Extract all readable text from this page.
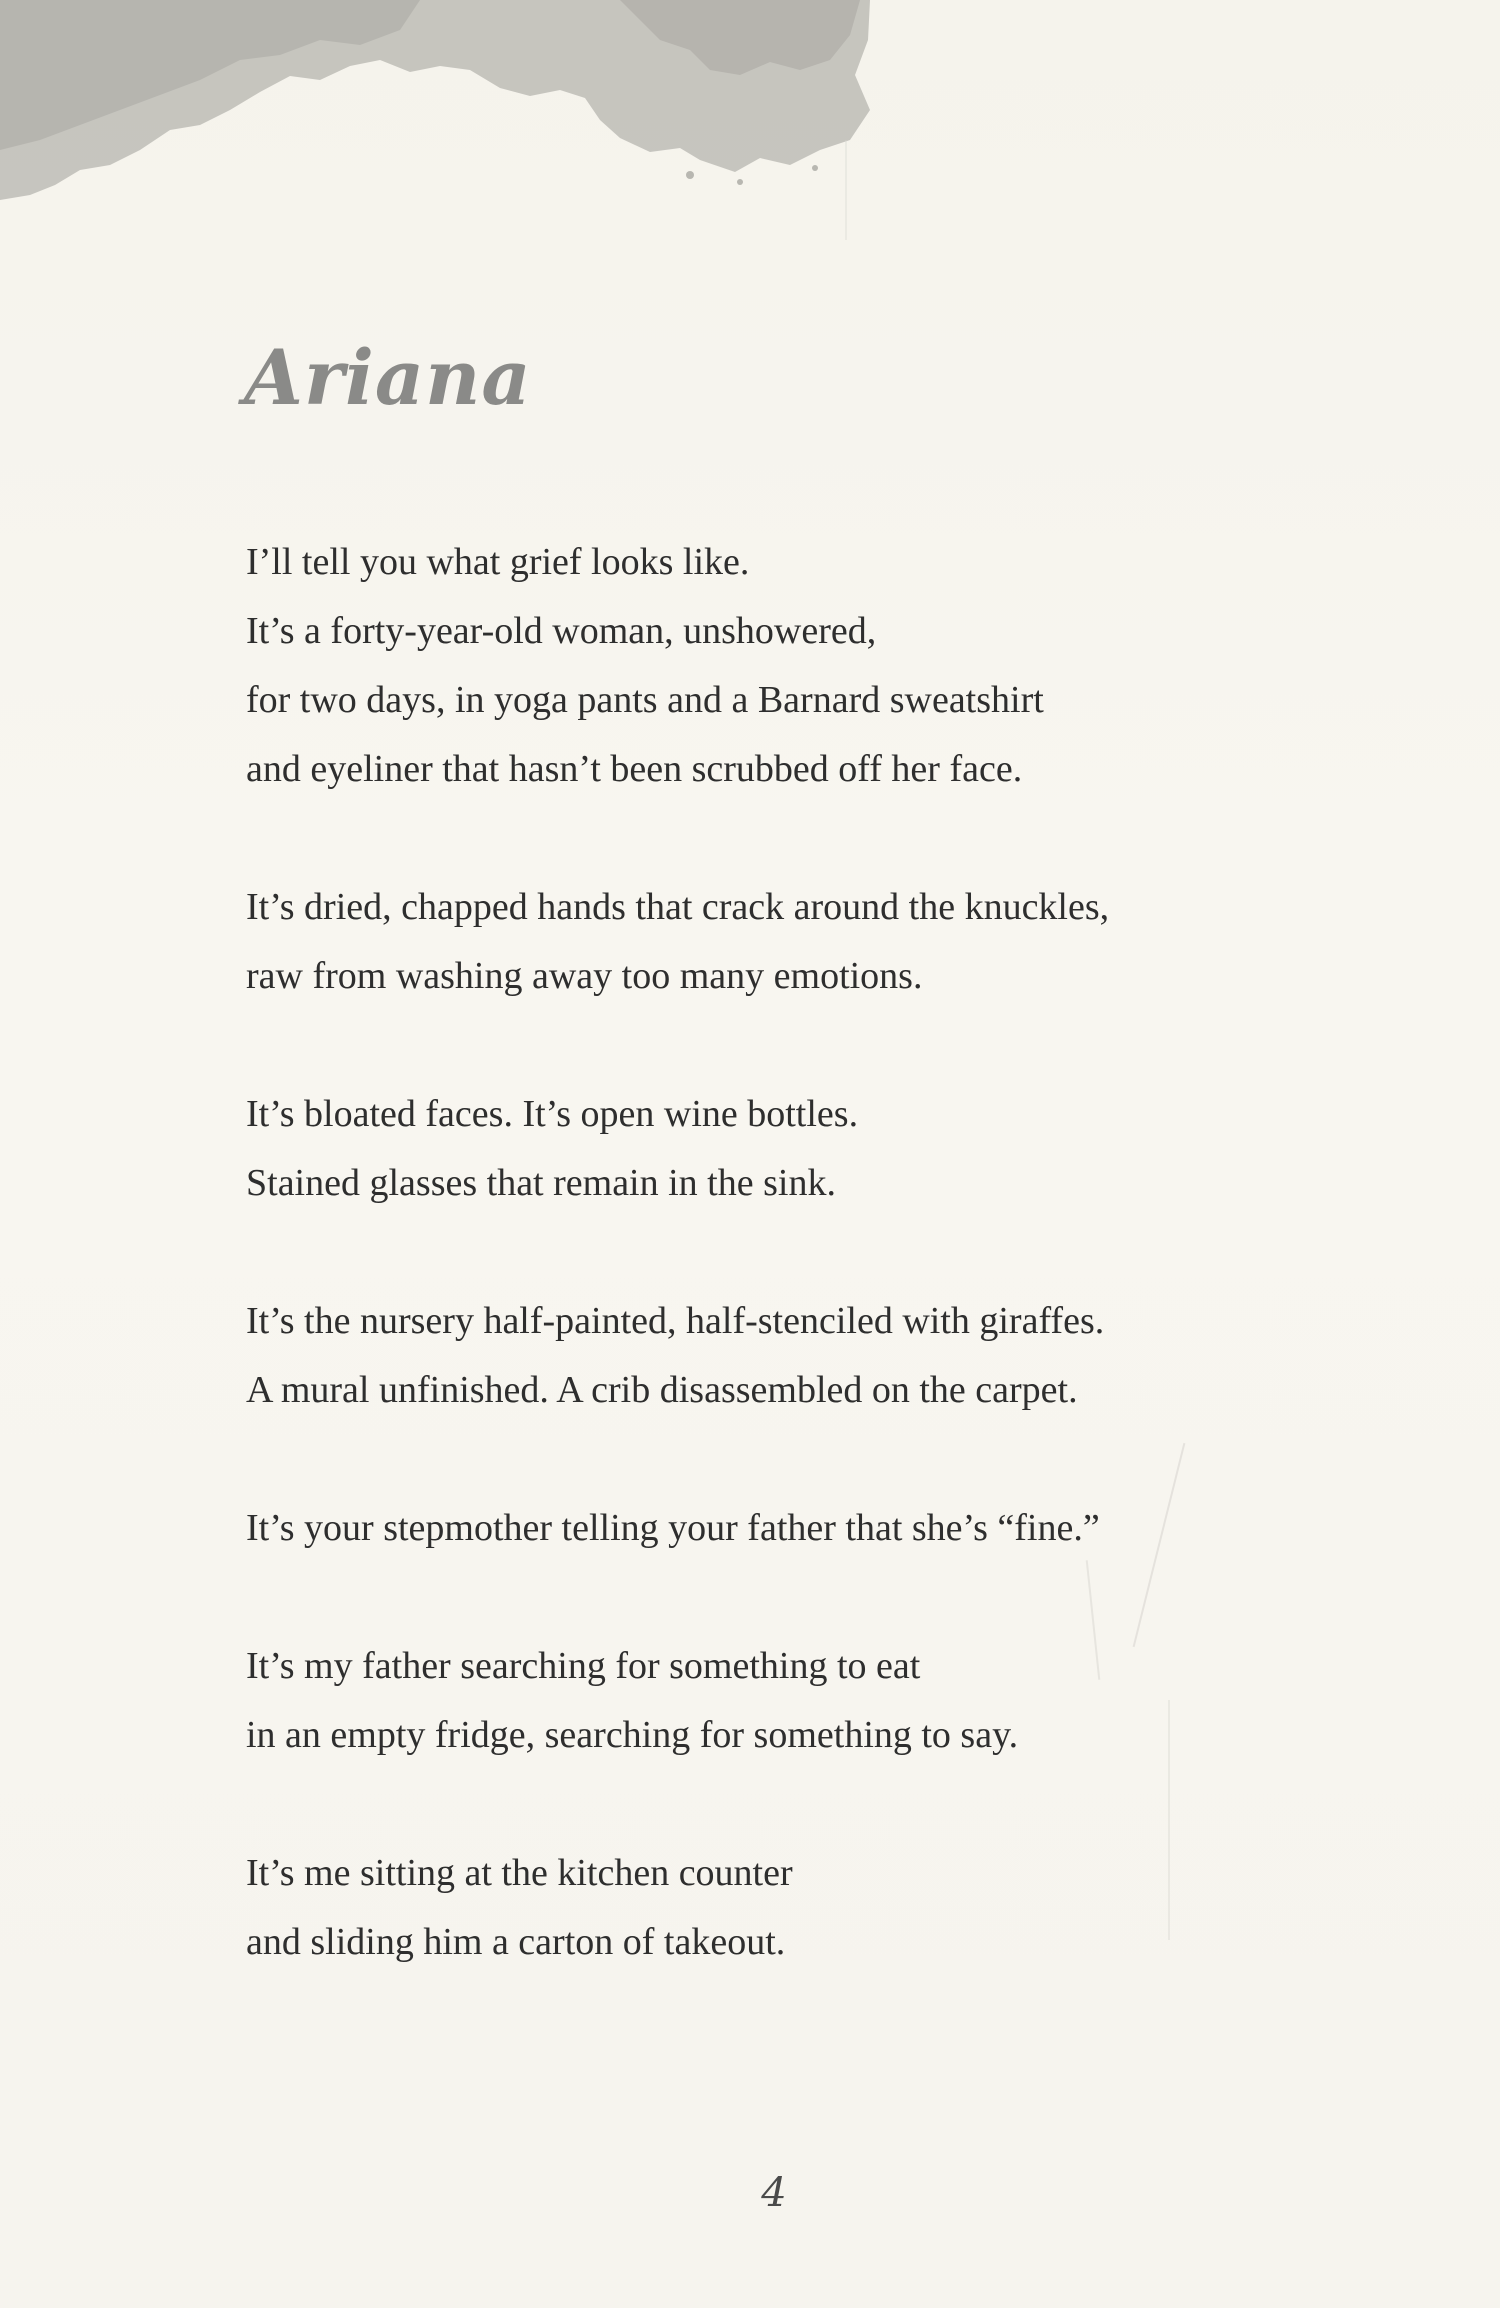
Ariana
I’ll tell you what grief looks like.
It’s a forty-year-old woman, unshowered,
for two days, in yoga pants and a Barnard sweatshirt
and eyeliner that hasn’t been scrubbed off her face.
It’s dried, chapped hands that crack around the knuckles,
raw from washing away too many emotions.
It’s bloated faces. It’s open wine bottles.
Stained glasses that remain in the sink.
It’s the nursery half-painted, half-stenciled with giraffes.
A mural unfinished. A crib disassembled on the carpet.
It’s your stepmother telling your father that she’s “fine.”
It’s my father searching for something to eat
in an empty fridge, searching for something to say.
It’s me sitting at the kitchen counter
and sliding him a carton of takeout.
4
